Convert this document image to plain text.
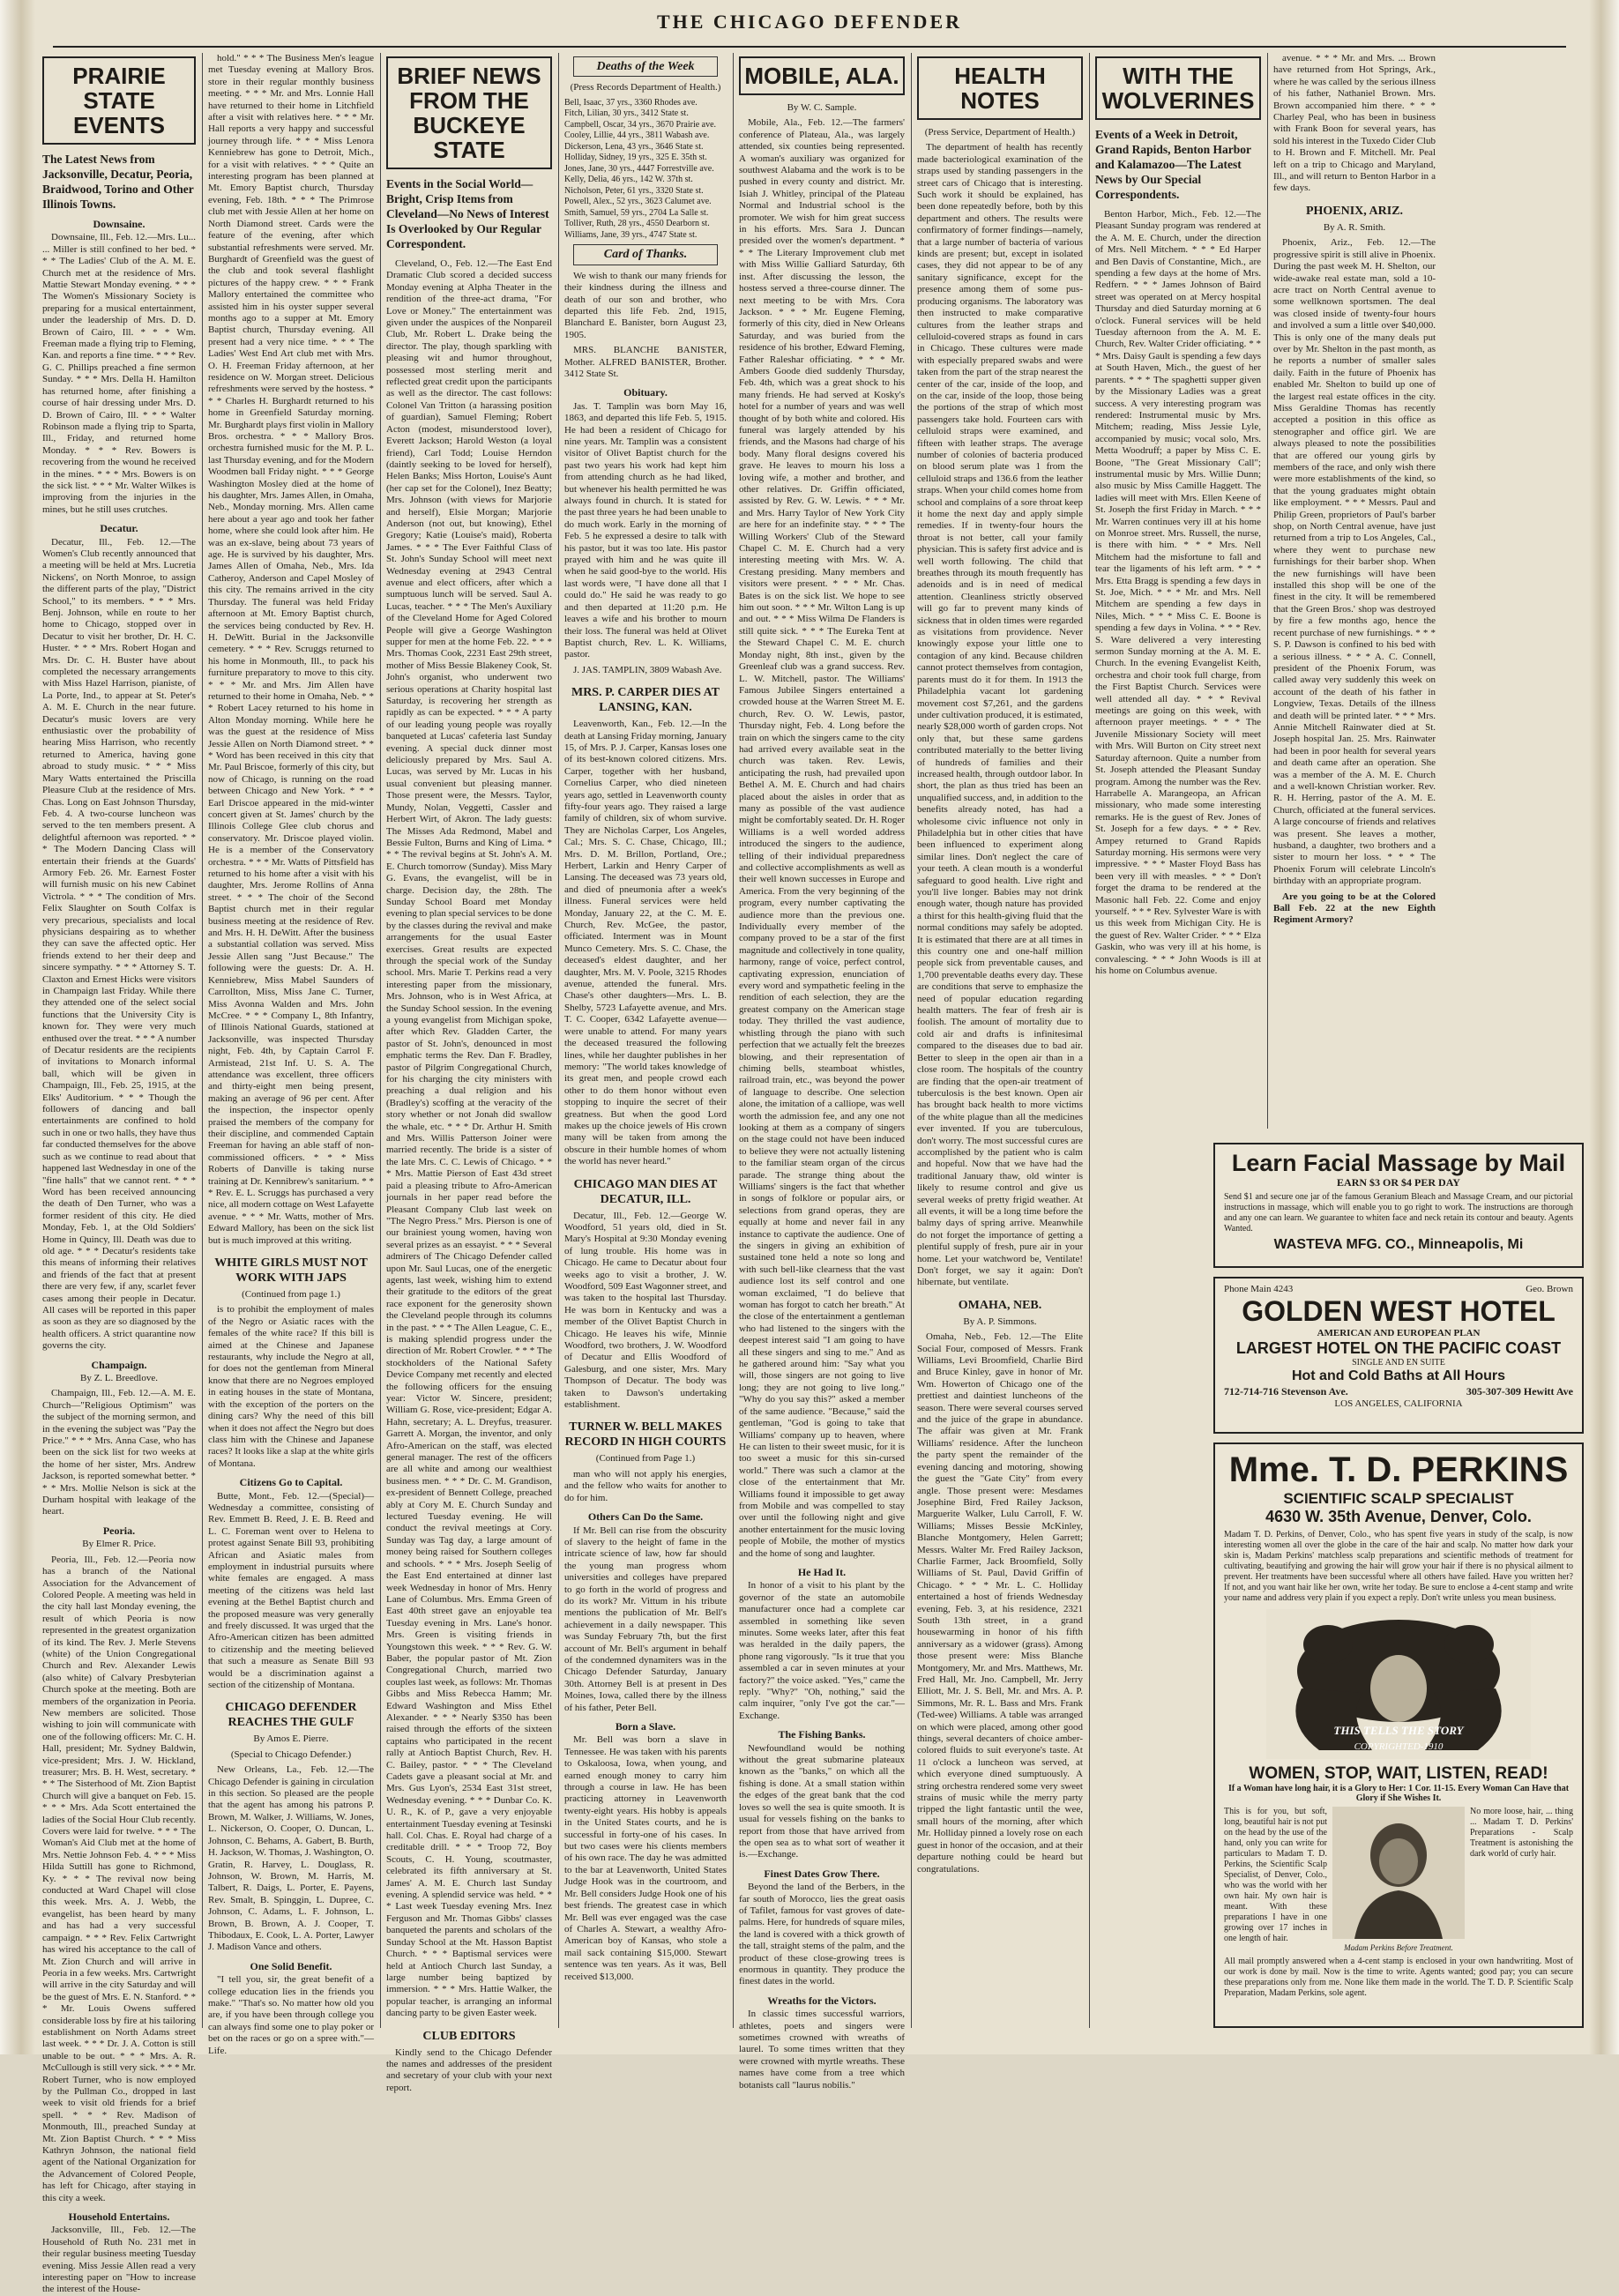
THE CHICAGO DEFENDER
PRAIRIE STATE EVENTS
The Latest News from Jacksonville, Decatur, Peoria, Braidwood, Torino and Other Illinois Towns.
Downsaine.
Downsaine, Ill., Feb. 12.—Mrs. Lu... ... Miller is still confined to her bed. * * * The Ladies' Club of the A. M. E. Church met at the residence of Mrs. Mattie Stewart Monday evening. * * * The Women's Missionary Society is preparing for a musical entertainment, under the leadership of Mrs. D. D. Brown of Cairo, Ill. * * * Wm. Freeman made a flying trip to Fleming, Kan. and reports a fine time. * * * Rev. G. C. Phillips preached a fine sermon Sunday. * * * Mrs. Della H. Hamilton has returned home, after finishing a course of hair dressing under Mrs. D. D. Brown of Cairo, Ill. * * * Walter Robinson made a flying trip to Sparta, Ill., Friday, and returned home Monday. * * * Rev. Bowers is recovering from the wound he received in the mines. * * * Mrs. Bowers is on the sick list. * * * Mr. Walter Wilkes is improving from the injuries in the mines, but he still uses crutches.
Decatur.
Decatur, Ill., Feb. 12.—The Women's Club recently announced that a meeting will be held at Mrs. Lucretia Nickens', on North Monroe, to assign the different parts of the play, "District School," to its members. * * * Mrs. Benj. Johnson, while en route to her home to Chicago, stopped over in Decatur to visit her brother, Dr. H. C. Huster. * * * Mrs. Robert Hogan and Mrs. Dr. C. H. Buster have about completed the necessary arrangements with Miss Hazel Harrison, pianiste, of La Porte, Ind., to appear at St. Peter's A. M. E. Church in the near future. Decatur's music lovers are very enthusiastic over the probability of hearing Miss Harrison, who recently returned to America, having gone abroad to study music. * * * Miss Mary Watts entertained the Priscilla Pleasure Club at the residence of Mrs. Chas. Long on East Johnson Thursday, Feb. 4. A two-course luncheon was served to the ten members present. A delightful afternoon was reported. * * * The Modern Dancing Class will entertain their friends at the Guards' Armory Feb. 26. Mr. Earnest Foster will furnish music on his new Cabinet Victrola. * * * The condition of Mrs. Felix Slaughter on South Colfax is very precarious, specialists and local physicians despairing as to whether they can save the affected optic. Her friends extend to her their deep and sincere sympathy. * * * Attorney S. T. Claxton and Ernest Hicks were visitors in Champaign last Friday. While there they attended one of the select social functions that the University City is known for. They were very much enthused over the treat. * * * A number of Decatur residents are the recipients of invitations to Monarch informal ball, which will be given in Champaign, Ill., Feb. 25, 1915, at the Elks' Auditorium. * * * Though the followers of dancing and ball entertainments are confined to hold such in one or two halls, they have thus far conducted themselves for the above such as we continue to read about that happened last Wednesday in one of the "fine halls" that we cannot rent. * * * Word has been received announcing the death of Den Turner, who was a former resident of this city. He died Monday, Feb. 1, at the Old Soldiers' Home in Quincy, Ill. Death was due to old age. * * * Decatur's residents take this means of informing their relatives and friends of the fact that at present there are very few, if any, scarlet fever cases among their people in Decatur. All cases will be reported in this paper as soon as they are so diagnosed by the health officers. A strict quarantine now governs the city.
Champaign.
By Z. L. Breedlove.
Champaign, Ill., Feb. 12.—A. M. E. Church—"Religious Optimism" was the subject of the morning sermon, and in the evening the subject was "Pay the Price." * * * Mrs. Anna Case, who has been on the sick list for two weeks at the home of her sister, Mrs. Andrew Jackson, is reported somewhat better. * * * Mrs. Mollie Nelson is sick at the Durham hospital with leakage of the heart.
Peoria.
By Elmer R. Price.
Peoria, Ill., Feb. 12.—Peoria now has a branch of the National Association for the Advancement of Colored People. A meeting was held in the city hall last Monday evening, the result of which Peoria is now represented in the greatest organization of its kind. The Rev. J. Merle Stevens (white) of the Union Congregational Church and Rev. Alexander Lewis (also white) of Calvary Presbyterian Church spoke at the meeting. Both are members of the organization in Peoria. New members are solicited. Those wishing to join will communicate with one of the following officers: Mr. C. H. Hall, president; Mr. Sydney Baldwin, vice-president; Mrs. J. W. Hickland, treasurer; Mrs. B. H. West, secretary. * * * The Sisterhood of Mt. Zion Baptist Church will give a banquet on Feb. 15. * * * Mrs. Ada Scott entertained the ladies of the Social Hour Club recently. Covers were laid for twelve. * * * The Woman's Aid Club met at the home of Mrs. Nettie Johnson Feb. 4. * * * Miss Hilda Suttill has gone to Richmond, Ky. * * * The revival now being conducted at Ward Chapel will close this week. Mrs. A. J. Webb, the evangelist, has been heard by many and has had a very successful campaign. * * * Rev. Felix Cartwright has wired his acceptance to the call of Mt. Zion Church and will arrive in Peoria in a few weeks. Mrs. Cartwright will arrive in the city Saturday and will be the guest of Mrs. E. N. Stanford. * * * Mr. Louis Owens suffered considerable loss by fire at his tailoring establishment on North Adams street last week. * * * Dr. J. A. Cotton is still unable to be out. * * * Mrs. A. R. McCullough is still very sick. * * * Mr. Robert Turner, who is now employed by the Pullman Co., dropped in last week to visit old friends for a brief spell. * * * Rev. Madison of Monmouth, Ill., preached Sunday at Mt. Zion Baptist Church. * * * Miss Kathryn Johnson, the national field agent of the National Organization for the Advancement of Colored People, has left for Chicago, after staying in this city a week.
Household Entertains.
Jacksonville, Ill., Feb. 12.—The Household of Ruth No. 231 met in their regular business meeting Tuesday evening. Miss Jessie Allen read a very interesting paper on "How to increase the interest of the House-
hold." * * * The Business Men's league met Tuesday evening at Mallory Bros. store in their regular monthly business meeting. * * * Mr. and Mrs. Lonnie Hall have returned to their home in Litchfield after a visit with relatives here. * * * Mr. Hall reports a very happy and successful journey through life. * * * Miss Lenora Kenniebrew has gone to Detroit, Mich., for a visit with relatives. * * * Quite an interesting program has been planned at Mt. Emory Baptist church, Thursday evening, Feb. 18th. * * * The Primrose club met with Jessie Allen at her home on North Diamond street. Cards were the feature of the evening, after which substantial refreshments were served. Mr. Burghardt of Greenfield was the guest of the club and took several flashlight pictures of the happy crew. * * * Frank Mallory entertained the committee who assisted him in his oyster supper several months ago to a supper at Mt. Emory Baptist church, Thursday evening. All present had a very nice time. * * * The Ladies' West End Art club met with Mrs. O. H. Freeman Friday afternoon, at her residence on W. Morgan street. Delicious refreshments were served by the hostess. * * * Charles H. Burghardt returned to his home in Greenfield Saturday morning. Mr. Burghardt plays first violin in Mallory Bros. orchestra. * * * Mallory Bros. orchestra furnished music for the M. P. L. last Thursday evening, and for the Modern Woodmen ball Friday night. * * * George Washington Mosley died at the home of his daughter, Mrs. James Allen, in Omaha, Neb., Monday morning. Mrs. Allen came here about a year ago and took her father home, where she could look after him. He was an ex-slave, being about 73 years of age. He is survived by his daughter, Mrs. James Allen of Omaha, Neb., Mrs. Ida Catheroy, Anderson and Capel Mosley of this city. The remains arrived in the city Thursday. The funeral was held Friday afternoon at Mt. Emory Baptist church, the services being conducted by Rev. H. H. DeWitt. Burial in the Jacksonville cemetery. * * * Rev. Scruggs returned to his home in Monmouth, Ill., to pack his furniture preparatory to move to this city. * * * Mr. and Mrs. Jim Allen have returned to their home in Omaha, Neb. * * * Robert Lacey returned to his home in Alton Monday morning. While here he was the guest at the residence of Miss Jessie Allen on North Diamond street. * * * Word has been received in this city that Mr. Paul Briscoe, formerly of this city, but now of Chicago, is running on the road between Chicago and New York. * * * Earl Driscoe appeared in the mid-winter concert given at St. James' church by the Illinois College Glee club chorus and conservatory. Mr. Driscoe played violin. He is a member of the Conservatory orchestra. * * * Mr. Watts of Pittsfield has returned to his home after a visit with his daughter, Mrs. Jerome Rollins of Anna street. * * * The choir of the Second Baptist church met in their regular business meeting at the residence of Rev. and Mrs. H. H. DeWitt. After the business a substantial collation was served. Miss Jessie Allen sang "Just Because." The following were the guests: Dr. A. H. Kenniebrew, Miss Mabel Saunders of Carrollton, Miss, Miss Jane C. Turner, Miss Avonna Walden and Mrs. John McCree. * * * Company L, 8th Infantry, of Illinois National Guards, stationed at Jacksonville, was inspected Thursday night, Feb. 4th, by Captain Carrol F. Armistead, 21st Inf. U. S. A. The attendance was excellent, three officers and thirty-eight men being present, making an average of 96 per cent. After the inspection, the inspector openly praised the members of the company for their discipline, and commended Captain Freeman for having an able staff of non-commissioned officers. * * * Miss Roberts of Danville is taking nurse training at Dr. Kennibrew's sanitarium. * * * Rev. E. L. Scruggs has purchased a very nice, all modern cottage on West Lafayette avenue. * * * Mr. Watts, mother of Mrs. Edward Mallory, has been on the sick list but is much improved at this writing.
WHITE GIRLS MUST NOT WORK WITH JAPS
(Continued from page 1.)
is to prohibit the employment of males of the Negro or Asiatic races with the females of the white race? If this bill is aimed at the Chinese and Japanese restaurants, why include the Negro at all, for does not the gentleman from Mineral know that there are no Negroes employed in eating houses in the state of Montana, with the exception of the porters on the dining cars? Why the need of this bill when it does not affect the Negro but does class him with the Chinese and Japanese races? It looks like a slap at the white girls of Montana.
Citizens Go to Capital.
Butte, Mont., Feb. 12.—(Special)—Wednesday a committee, consisting of Rev. Emmett B. Reed, J. E. B. Reed and L. C. Foreman went over to Helena to protest against Senate Bill 93, prohibiting African and Asiatic males from employment in industrial pursuits where white females are engaged. A mass meeting of the citizens was held last evening at the Bethel Baptist church and the proposed measure was very generally and freely discussed. It was urged that the Afro-American citizen has been admitted to citizenship and the meeting believed that such a measure as Senate Bill 93 would be a discrimination against a section of the citizenship of Montana.
CHICAGO DEFENDER REACHES THE GULF
By Amos E. Pierre.
(Special to Chicago Defender.)
New Orleans, La., Feb. 12.—The Chicago Defender is gaining in circulation in this section. So pleased are the people that the agent has among his patrons P. Brown, M. Walker, J. Williams, W. Jones, L. Nickerson, O. Cooper, O. Duncan, L. Johnson, C. Behams, A. Gabert, B. Burth, H. Jackson, W. Thomas, J. Washington, O. Gratin, R. Harvey, L. Douglass, R. Johnson, W. Brown, M. Harris, M. Talbert, R. Daigs, L. Porter, E. Payens, Rev. Smalt, B. Spinggin, L. Dupree, C. Johnson, C. Adams, L. F. Johnson, L. Brown, B. Brown, A. J. Cooper, T. Thibodaux, E. Cook, L. A. Porter, Lawyer J. Madison Vance and others.
One Solid Benefit.
"I tell you, sir, the great benefit of a college education lies in the friends you make." "That's so. No matter how old you are, if you have been through college you can always find some one to play poker or bet on the races or go on a spree with."—Life.
BRIEF NEWS FROM THE BUCKEYE STATE
Events in the Social World—Bright, Crisp Items from Cleveland—No News of Interest Is Overlooked by Our Regular Correspondent.
Cleveland, O., Feb. 12.—The East End Dramatic Club scored a decided success Monday evening at Alpha Theater in the rendition of the three-act drama, "For Love or Money." The entertainment was given under the auspices of the Nonpareil Club, Mr. Robert L. Drake being the director. The play, though sparkling with pleasing wit and humor throughout, possessed most sterling merit and reflected great credit upon the participants as well as the director. The cast follows: Colonel Van Tritton (a harassing position of guardian), Samuel Fleming; Robert Acton (modest, misunderstood lover), Everett Jackson; Harold Weston (a loyal friend), Carl Todd; Louise Herndon (daintly seeking to be loved for herself), Helen Banks; Miss Horton, Louise's Aunt (her cap set for the Colonel), Inez Beatty; Mrs. Johnson (with views for Marjorie and herself), Elsie Morgan; Marjorie Anderson (not out, but knowing), Ethel Gregory; Katie (Louise's maid), Roberta James. * * * The Ever Faithful Class of St. John's Sunday School will meet next Wednesday evening at 2943 Central avenue and elect officers, after which a sumptuous lunch will be served. Saul A. Lucas, teacher. * * * The Men's Auxiliary of the Cleveland Home for Aged Colored People will give a George Washington supper for men at the home Feb. 22. * * * Mrs. Thomas Cook, 2231 East 29th street, mother of Miss Bessie Blakeney Cook, St. John's organist, who underwent two serious operations at Charity hospital last Saturday, is recovering her strength as rapidly as can be expected. * * * A party of our leading young people was royally banqueted at Lucas' cafeteria last Sunday evening. A special duck dinner most deliciously prepared by Mrs. Saul A. Lucas, was served by Mr. Lucas in his usual convenient but pleasing manner. Those present were, the Messrs. Taylor, Mundy, Nolan, Veggetti, Cassler and Herbert Wirt, of Akron. The lady guests: The Misses Ada Redmond, Mabel and Bessie Fulton, Burns and King of Lima. * * * The revival begins at St. John's A. M. E. Church tomorrow (Sunday). Miss Mary G. Evans, the evangelist, will be in charge. Decision day, the 28th. The Sunday School Board met Monday evening to plan special services to be done by the classes during the revival and make arrangements for the usual Easter exercises. Great results are expected through the special work of the Sunday school. Mrs. Marie T. Perkins read a very interesting paper from the missionary, Mrs. Johnson, who is in West Africa, at the Sunday School session. In the evening a young evangelist from Michigan spoke, after which Rev. Gladden Carter, the pastor of St. John's, denounced in most emphatic terms the Rev. Dan F. Bradley, pastor of Pilgrim Congregational Church, for his charging the city ministers with preaching a dual religion and his (Bradley's) scoffing at the veracity of the story whether or not Jonah did swallow the whale, etc. * * * Dr. Arthur H. Smith and Mrs. Willis Patterson Joiner were married recently. The bride is a sister of the late Mrs. C. C. Lewis of Chicago. * * * Mrs. Mattie Pierson of East 43d street paid a pleasing tribute to Afro-American journals in her paper read before the Pleasant Company Club last week on "The Negro Press." Mrs. Pierson is one of our brainiest young women, having won several prizes as an essayist. * * * Several admirers of The Chicago Defender called upon Mr. Saul Lucas, one of the energetic agents, last week, wishing him to extend their gratitude to the editors of the great race exponent for the generosity shown the Cleveland people through its columns in the past. * * * The Allen League, C. E., is making splendid progress under the direction of Mr. Robert Crowler. * * * The stockholders of the National Safety Device Company met recently and elected the following officers for the ensuing year: Victor W. Sincere, president; William G. Rose, vice-president; Edgar A. Hahn, secretary; A. L. Dreyfus, treasurer. Garrett A. Morgan, the inventor, and only Afro-American on the staff, was elected general manager. The rest of the officers are all white and among our wealthiest business men. * * * Dr. C. M. Grandison, ex-president of Bennett College, preached ably at Cory M. E. Church Sunday and lectured Tuesday evening. He will conduct the revival meetings at Cory. Sunday was Tag day, a large amount of money being raised for Southern colleges and schools. * * * Mrs. Joseph Seelig of the East End entertained at dinner last week Wednesday in honor of Mrs. Henry Lane of Columbus. Mrs. Emma Green of East 40th street gave an enjoyable tea Tuesday evening in Mrs. Lane's honor. Mrs. Green is visiting friends in Youngstown this week. * * * Rev. G. W. Baber, the popular pastor of Mt. Zion Congregational Church, married two couples last week, as follows: Mr. Thomas Gibbs and Miss Rebecca Hamm; Mr. Edward Washington and Miss Ethel Alexander. * * * Nearly $350 has been raised through the efforts of the sixteen captains who participated in the recent rally at Antioch Baptist Church, Rev. H. C. Bailey, pastor. * * * The Cleveland Cadets gave a pleasant social at Mr. and Mrs. Gus Lyon's, 2534 East 31st street, Wednesday evening. * * * Dunbar Co. K. U. R., K. of P., gave a very enjoyable entertainment Tuesday evening at Tesinski hall. Col. Chas. E. Royal had charge of a creditable drill. * * * Troop 72, Boy Scouts, C. H. Young, scoutmaster, celebrated its fifth anniversary at St. James' A. M. E. Church last Sunday evening. A splendid service was held. * * * Last week Tuesday evening Mrs. Inez Ferguson and Mr. Thomas Gibbs' classes banqueted the parents and scholars of the Sunday School at the Mt. Hasson Baptist Church. * * * Baptismal services were held at Antioch Church last Sunday, a large number being baptized by immersion. * * * Mrs. Hattie Walker, the popular teacher, is arranging an informal dancing party to be given Easter week.
CLUB EDITORS
Kindly send to the Chicago Defender the names and addresses of the president and secretary of your club with your next report.
Deaths of the Week
(Press Records Department of Health.)
Bell, Isaac, 37 yrs., 3360 Rhodes ave.
Fitch, Lilian, 30 yrs., 3412 State st.
Campbell, Oscar, 34 yrs., 3670 Prairie ave.
Cooley, Lillie, 44 yrs., 3811 Wabash ave.
Dickerson, Lena, 43 yrs., 3646 State st.
Holliday, Sidney, 19 yrs., 325 E. 35th st.
Jones, Jane, 30 yrs., 4447 Forrestville ave.
Kelly, Delia, 46 yrs., 142 W. 37th st.
Nicholson, Peter, 61 yrs., 3320 State st.
Powell, Alex., 52 yrs., 3623 Calumet ave.
Smith, Samuel, 59 yrs., 2704 La Salle st.
Tolliver, Ruth, 28 yrs., 4550 Dearborn st.
Williams, Jane, 39 yrs., 4747 State st.
Card of Thanks.
We wish to thank our many friends for their kindness during the illness and death of our son and brother, who departed this life Feb. 2nd, 1915, Blanchard E. Banister, born August 23, 1905.
MRS. BLANCHE BANISTER, Mother. ALFRED BANISTER, Brother. 3412 State St.
Obituary.
Jas. T. Tamplin was born May 16, 1863, and departed this life Feb. 5, 1915. He had been a resident of Chicago for nine years. Mr. Tamplin was a consistent visitor of Olivet Baptist church for the past two years his work had kept him from attending church as he had liked, but whenever his health permitted he was always found in church. It is stated for the past three years he had been unable to do much work. Early in the morning of Feb. 5 he expressed a desire to talk with his pastor, but it was too late. His pastor prayed with him and he was quite ill when he said good-bye to the world. His last words were, "I have done all that I could do." He said he was ready to go and then departed at 11:20 p.m. He leaves a wife and his brother to mourn their loss. The funeral was held at Olivet Baptist church, Rev. L. K. Williams, pastor.
J. JAS. TAMPLIN, 3809 Wabash Ave.
MRS. P. CARPER DIES AT LANSING, KAN.
Leavenworth, Kan., Feb. 12.—In the death at Lansing Friday morning, January 15, of Mrs. P. J. Carper, Kansas loses one of its best-known colored citizens. Mrs. Carper, together with her husband, Cornelius Carper, who died nineteen years ago, settled in Leavenworth county fifty-four years ago. They raised a large family of children, six of whom survive. They are Nicholas Carper, Los Angeles, Cal.; Mrs. S. C. Chase, Chicago, Ill.; Mrs. D. M. Brillon, Portland, Ore.; Herbert, Larkin and Henry Carper of Lansing. The deceased was 73 years old, and died of pneumonia after a week's illness. Funeral services were held Monday, January 22, at the C. M. E. Church, Rev. McGee, the pastor, officiated. Interment was in Mount Munco Cemetery. Mrs. S. C. Chase, the deceased's eldest daughter, and her daughter, Mrs. M. V. Poole, 3215 Rhodes avenue, attended the funeral. Mrs. Chase's other daughters—Mrs. L. B. Shelby, 5723 Lafayette avenue, and Mrs. T. C. Cooper, 6342 Lafayette avenue—were unable to attend. For many years the deceased treasured the following lines, while her daughter publishes in her memory: "The world takes knowledge of its great men, and people crowd each other to do them honor without even stopping to inquire the secret of their greatness. But when the good Lord makes up the choice jewels of His crown many will be taken from among the obscure in their humble homes of whom the world has never heard."
CHICAGO MAN DIES AT DECATUR, ILL.
Decatur, Ill., Feb. 12.—George W. Woodford, 51 years old, died in St. Mary's Hospital at 9:30 Monday evening of lung trouble. His home was in Chicago. He came to Decatur about four weeks ago to visit a brother, J. W. Woodford, 509 East Wagonner street, and was taken to the hospital last Thursday. He was born in Kentucky and was a member of the Olivet Baptist Church in Chicago. He leaves his wife, Minnie Woodford, two brothers, J. W. Woodford of Decatur and Ellis Woodford of Galesburg, and one sister, Mrs. Mary Thompson of Decatur. The body was taken to Dawson's undertaking establishment.
TURNER W. BELL MAKES RECORD IN HIGH COURTS
(Continued from Page 1.)
man who will not apply his energies, and the fellow who waits for another to do for him.
Others Can Do the Same.
If Mr. Bell can rise from the obscurity of slavery to the height of fame in the intricate science of law, how far should the young man progress whom universities and colleges have prepared to go forth in the world of progress and do its work? Mr. Vittum in his tribute mentions the publication of Mr. Bell's achievement in a daily newspaper. This was Sunday February 7th, but the first account of Mr. Bell's argument in behalf of the condemned dynamiters was in the Chicago Defender Saturday, January 30th. Attorney Bell is at present in Des Moines, Iowa, called there by the illness of his father, Peter Bell.
Born a Slave.
Mr. Bell was born a slave in Tennessee. He was taken with his parents to Oskaloosa, Iowa, when young, and earned enough money to carry him through a course in law. He has been practicing attorney in Leavenworth twenty-eight years. His hobby is appeals in the United States courts, and he is successful in forty-one of his cases. In but two cases were his clients members of his own race. The day he was admitted to the bar at Leavenworth, United States Judge Hook was in the courtroom, and Mr. Bell considers Judge Hook one of his best friends. The greatest case in which Mr. Bell was ever engaged was the case of Charles A. Stewart, a wealthy Afro-American boy of Kansas, who stole a mail sack containing $15,000. Stewart sentence was ten years. As it was, Bell received $13,000.
MOBILE, ALA.
By W. C. Sample.
Mobile, Ala., Feb. 12.—The farmers' conference of Plateau, Ala., was largely attended, six counties being represented. A woman's auxiliary was organized for southwest Alabama and the work is to be pushed in every county and district. Mr. Isiah J. Whitley, principal of the Plateau Normal and Industrial school is the promoter. We wish for him great success in his efforts. Mrs. Sara J. Duncan presided over the women's department. * * * The Literary Improvement club met with Miss Willie Galliard Saturday, 6th inst. After discussing the lesson, the hostess served a three-course dinner. The next meeting to be with Mrs. Cora Jackson. * * * Mr. Eugene Fleming, formerly of this city, died in New Orleans Saturday, and was buried from the residence of his brother, Edward Fleming, Father Raleshar officiating. * * * Mr. Ambers Goode died suddenly Thursday, Feb. 4th, which was a great shock to his many friends. He had served at Kosky's hotel for a number of years and was well thought of by both white and colored. His funeral was largely attended by his friends, and the Masons had charge of his body. Many floral designs covered his grave. He leaves to mourn his loss a loving wife, a mother and brother, and other relatives. Dr. Griffin officiated, assisted by Rev. G. W. Lewis. * * * Mr. and Mrs. Harry Taylor of New York City are here for an indefinite stay. * * * The Willing Workers' Club of the Steward Chapel C. M. E. Church had a very interesting meeting with Mrs. W. A. Crestang presiding. Many members and visitors were present. * * * Mr. Chas. Bates is on the sick list. We hope to see him out soon. * * * Mr. Wilton Lang is up and out. * * * Miss Wilma De Flanders is still quite sick. * * * The Eureka Tent at the Steward Chapel C. M. E. church Monday night, 8th inst., given by the Greenleaf club was a grand success. Rev. L. W. Mitchell, pastor. The Williams' Famous Jubilee Singers entertained a crowded house at the Warren Street M. E. church, Rev. O. W. Lewis, pastor, Thursday night, Feb. 4. Long before the train on which the singers came to the city had arrived every available seat in the church was taken. Rev. Lewis, anticipating the rush, had prevailed upon Bethel A. M. E. Church and had chairs placed about the aisles in order that as many as possible of the vast audience might be comfortably seated. Dr. H. Roger Williams is a well worded address introduced the singers to the audience, telling of their individual preparedness and collective accomplishments as well as their well known successes in Europe and America. From the very beginning of the program, every number captivating the audience more than the previous one. Individually every member of the company proved to be a star of the first magnitude and collectively in tone quality, harmony, range of voice, perfect control, captivating expression, enunciation of every word and sympathetic feeling in the rendition of each selection, they are the greatest company on the American stage today. They thrilled the vast audience, whistling through the piano with such perfection that we actually felt the breezes blowing, and their representation of chiming bells, steamboat whistles, railroad train, etc., was beyond the power of language to describe. One selection alone, the imitation of a calliope, was well worth the admission fee, and any one not looking at them as a company of singers on the stage could not have been induced to believe they were not actually listening to the familiar steam organ of the circus parade. The strange thing about the Williams' singers is the fact that whether in songs of folklore or popular airs, or selections from grand operas, they are equally at home and never fail in any instance to captivate the audience. One of the singers in giving an exhibition of sustained tone held a note so long and with such bell-like clearness that the vast audience lost its self control and one woman exclaimed, "I do believe that woman has forgot to catch her breath." At the close of the entertainment a gentleman who had listened to the singers with the deepest interest said "I am going to have all these singers and sing to me." And as he gathered around him: "Say what you will, those singers are not going to live long; they are not going to live long." "Why do you say this?" asked a member of the same audience. "Because," said the gentleman, "God is going to take that Williams' company up to heaven, where He can listen to their sweet music, for it is too sweet a music for this sin-cursed world." There was such a clamor at the close of the entertainment that Mr. Williams found it impossible to get away from Mobile and was compelled to stay over until the following night and give another entertainment for the music loving people of Mobile, the mother of mystics and the home of song and laughter.
He Had It.
In honor of a visit to his plant by the governor of the state an automobile manufacturer once had a complete car assembled in something like seven minutes. Some weeks later, after this feat was heralded in the daily papers, the phone rang vigorously. "Is it true that you assembled a car in seven minutes at your factory?" the voice asked. "Yes," came the reply. "Why?" "Oh, nothing," said the calm inquirer, "only I've got the car."—Exchange.
The Fishing Banks.
Newfoundland would be nothing without the great submarine plateaux known as the "banks," on which all the fishing is done. At a small station within the edges of the great bank that the cod loves so well the sea is quite smooth. It is usual for vessels fishing on the banks to report from those that have arrived from the open sea as to what sort of weather it is.—Exchange.
Finest Dates Grow There.
Beyond the land of the Berbers, in the far south of Morocco, lies the great oasis of Tafilet, famous for vast groves of date-palms. Here, for hundreds of square miles, the land is covered with a thick growth of the tall, straight stems of the palm, and the product of these close-growing trees is enormous in quantity. They produce the finest dates in the world.
Wreaths for the Victors.
In classic times successful warriors, athletes, poets and singers were sometimes crowned with wreaths of laurel. To some times written that they were crowned with myrtle wreaths. These names have come from a tree which botanists call "laurus nobilis."
HEALTH NOTES
(Press Service, Department of Health.)
The department of health has recently made bacteriological examination of the straps used by standing passengers in the street cars of Chicago that is interesting. Such work it should be explained, has been done repeatedly before, both by this department and others. The results were confirmatory of former findings—namely, that a large number of bacteria of various kinds are present; but, except in isolated cases, they did not appear to be of any sanitary significance, except for the presence among them of some pus-producing organisms. The laboratory was then instructed to make comparative cultures from the leather straps and celluloid-covered straps as found in cars in Chicago. These cultures were made with especially prepared swabs and were taken from the part of the strap nearest the center of the car, inside of the loop, and on the car, inside of the loop, those being the portions of the strap of which most passengers take hold. Fourteen cars with celluloid straps were examined, and fifteen with leather straps. The average number of colonies of bacteria produced on blood serum plate was 1 from the celluloid straps and 136.6 from the leather straps. When your child comes home from school and complains of a sore throat keep it home the next day and apply simple remedies. If in twenty-four hours the throat is not better, call your family physician. This is safety first advice and is well worth following. The child that breathes through its mouth frequently has adenoids and is in need of medical attention. Cleanliness strictly observed will go far to prevent many kinds of sickness that in olden times were regarded as visitations from providence. Never knowingly expose your little one to contagion of any kind. Because children cannot protect themselves from contagion, parents must do it for them. In 1913 the Philadelphia vacant lot gardening movement cost $7,261, and the gardens under cultivation produced, it is estimated, nearly $28,000 worth of garden crops. Not only that, but these same gardens contributed materially to the better living of hundreds of families and their increased health, through outdoor labor. In short, the plan as thus tried has been an unqualified success, and, in addition to the benefits already noted, has had a wholesome civic influence not only in Philadelphia but in other cities that have been influenced to experiment along similar lines. Don't neglect the care of your teeth. A clean mouth is a wonderful safeguard to good health. Live right and you'll live longer. Babies may not drink enough water, though nature has provided a thirst for this health-giving fluid that the normal conditions may safely be adopted. It is estimated that there are at all times in this country one and one-half million people sick from preventable causes, and 1,700 preventable deaths every day. These are conditions that serve to emphasize the need of popular education regarding health matters. The fear of fresh air is foolish. The amount of mortality due to cold air and drafts is infinitesimal compared to the diseases due to bad air. Better to sleep in the open air than in a close room. The hospitals of the country are finding that the open-air treatment of tuberculosis is the best known. Open air has brought back health to more victims of the white plague than all the medicines ever invented. If you are tuberculous, don't worry. The most successful cures are accomplished by the patient who is calm and hopeful. Now that we have had the traditional January thaw, old winter is likely to resume control and give us several weeks of pretty frigid weather. At all events, it will be a long time before the balmy days of spring arrive. Meanwhile do not forget the importance of getting a plentiful supply of fresh, pure air in your home. Let your watchword be, Ventilate! Don't forget, we say it again: Don't hibernate, but ventilate.
OMAHA, NEB.
By A. P. Simmons.
Omaha, Neb., Feb. 12.—The Elite Social Four, composed of Messrs. Frank Williams, Levi Broomfield, Charlie Bird and Bruce Kinley, gave in honor of Mr. Wm. Howerton of Chicago one of the prettiest and daintiest luncheons of the season. There were several courses served and the juice of the grape in abundance. The affair was given at Mr. Frank Williams' residence. After the luncheon the party spent the remainder of the evening dancing and motoring, showing the guest the "Gate City" from every angle. Those present were: Mesdames Josephine Bird, Fred Railey Jackson, Marguerite Walker, Lulu Carroll, F. W. Williams; Misses Bessie McKinley, Blanche Montgomery, Helen Garrett; Messrs. Walter Mr. Fred Railey Jackson, Charlie Farmer, Jack Broomfield, Solly Williams of St. Paul, David Griffin of Chicago. * * * Mr. L. C. Holliday entertained a host of friends Wednesday evening, Feb. 3, at his residence, 2321 South 13th street, in a grand housewarming in honor of his fifth anniversary as a widower (grass). Among those present were: Miss Blanche Montgomery, Mr. and Mrs. Matthews, Mr. Fred Hall, Mr. Jno. Campbell, Mr. Jerry Elliott, Mr. J. S. Bell, Mr. and Mrs. A. P. Simmons, Mr. R. L. Bass and Mrs. Frank (Ted-wee) Williams. A table was arranged on which were placed, among other good things, several decanters of choice amber-colored fluids to suit everyone's taste. At 11 o'clock a luncheon was served, at which everyone dined sumptuously. A string orchestra rendered some very sweet strains of music while the merry party tripped the light fantastic until the wee, small hours of the morning, after which Mr. Holliday pinned a lovely rose on each guest in honor of the occasion, and at their departure nothing could be heard but congratulations.
WITH THE WOLVERINES
Events of a Week in Detroit, Grand Rapids, Benton Harbor and Kalamazoo—The Latest News by Our Special Correspondents.
Benton Harbor, Mich., Feb. 12.—The Pleasant Sunday program was rendered at the A. M. E. Church, under the direction of Mrs. Nell Mitchem. * * * Ed Harper and Ben Davis of Constantine, Mich., are spending a few days at the home of Mrs. Redfern. * * * James Johnson of Baird street was operated on at Mercy hospital Thursday and died Saturday morning at 6 o'clock. Funeral services will be held Tuesday afternoon from the A. M. E. Church, Rev. Walter Crider officiating. * * * Mrs. Daisy Gault is spending a few days at South Haven, Mich., the guest of her parents. * * * The spaghetti supper given by the Missionary Ladies was a great success. A very interesting program was rendered: Instrumental music by Mrs. Mitchem; reading, Miss Jessie Lyle, accompanied by music; vocal solo, Mrs. Metta Woodruff; a paper by Miss C. E. Boone, "The Great Missionary Call"; instrumental music by Mrs. Willie Dunn; also music by Miss Camille Haggett. The ladies will meet with Mrs. Ellen Keene of St. Joseph the first Friday in March. * * * Mr. Warren continues very ill at his home on Monroe street. Mrs. Russell, the nurse, is there with him. * * * Mrs. Nell Mitchem had the misfortune to fall and tear the ligaments of his left arm. * * * Mrs. Etta Bragg is spending a few days in St. Joe, Mich. * * * Mr. and Mrs. Nell Mitchem are spending a few days in Niles, Mich. * * * Miss C. E. Boone is spending a few days in Volina. * * * Rev. S. Ware delivered a very interesting sermon Sunday morning at the A. M. E. Church. In the evening Evangelist Keith, orchestra and choir took full charge, from the First Baptist Church. Services were well attended all day. * * * Revival meetings are going on this week, with afternoon prayer meetings. * * * The Juvenile Missionary Society will meet with Mrs. Will Burton on City street next Saturday afternoon. Quite a number from St. Joseph attended the Pleasant Sunday program. Among the number was the Rev. Harrabelle A. Marangeopa, an African missionary, who made some interesting remarks. He is the guest of Rev. Jones of St. Joseph for a few days. * * * Rev. Ampey returned to Grand Rapids Saturday morning. His sermons were very impressive. * * * Master Floyd Bass has been very ill with measles. * * * Don't forget the drama to be rendered at the Masonic hall Feb. 22. Come and enjoy yourself. * * * Rev. Sylvester Ware is with us this week from Michigan City. He is the guest of Rev. Walter Crider. * * * Elza Gaskin, who was very ill at his home, is convalescing. * * * John Woods is ill at his home on Columbus avenue.
avenue. * * * Mr. and Mrs. ... Brown have returned from Hot Springs, Ark., where he was called by the serious illness of his father, Nathaniel Brown. Mrs. Brown accompanied him there. * * * Charley Peal, who has been in business with Frank Boon for several years, has sold his interest in the Tuxedo Cider Club to H. Brown and F. Mitchell. Mr. Peal left on a trip to Chicago and Maryland, Ill., and will return to Benton Harbor in a few days.
PHOENIX, ARIZ.
By A. R. Smith.
Phoenix, Ariz., Feb. 12.—The progressive spirit is still alive in Phoenix. During the past week M. H. Shelton, our wide-awake real estate man, sold a 10-acre tract on North Central avenue to some wellknown sportsmen. The deal was closed inside of twenty-four hours and involved a sum a little over $40,000. This is only one of the many deals put over by Mr. Shelton in the past month, as he reports a number of smaller sales daily. Faith in the future of Phoenix has enabled Mr. Shelton to build up one of the largest real estate offices in the city. Miss Geraldine Thomas has recently accepted a position in this office as stenographer and office girl. We are always pleased to note the possibilities that are offered our young girls by members of the race, and only wish there were more establishments of the kind, so that the young graduates might obtain like employment. * * * Messrs. Paul and Philip Green, proprietors of Paul's barber shop, on North Central avenue, have just returned from a trip to Los Angeles, Cal., where they went to purchase new furnishings for their barber shop. When the new furnishings will have been installed this shop will be one of the finest in the city. It will be remembered that the Green Bros.' shop was destroyed by fire a few months ago, hence the recent purchase of new furnishings. * * * S. P. Dawson is confined to his bed with a serious illness. * * * A. C. Connell, president of the Phoenix Forum, was called away very suddenly this week on account of the death of his father in Longview, Texas. Details of the illness and death will be printed later. * * * Mrs. Annie Mitchell Rainwater died at St. Joseph hospital Jan. 25. Mrs. Rainwater had been in poor health for several years and death came after an operation. She was a member of the A. M. E. Church and a well-known Christian worker. Rev. R. H. Herring, pastor of the A. M. E. Church, officiated at the funeral services. A large concourse of friends and relatives was present. She leaves a mother, husband, a daughter, two brothers and a sister to mourn her loss. * * * The Phoenix Forum will celebrate Lincoln's birthday with an appropriate program.
Are you going to be at the Colored Ball Feb. 22 at the new Eighth Regiment Armory?
Learn Facial Massage by Mail
EARN $3 OR $4 PER DAY
Send $1 and secure one jar of the famous Geranium Bleach and Massage Cream, and our pictorial instructions in massage, which will enable you to go right to work. The instructions are thorough and any one can learn. We guarantee to whiten face and neck retain its contour and beauty. Agents Wanted.
WASTEVA MFG. CO., Minneapolis, Mi
Phone Main 4243	Geo. Brown
GOLDEN WEST HOTEL
AMERICAN AND EUROPEAN PLAN
LARGEST HOTEL ON THE PACIFIC COAST
SINGLE AND EN SUITE
Hot and Cold Baths at All Hours
712-714-716 Stevenson Ave.	305-307-309 Hewitt Ave
LOS ANGELES, CALIFORNIA
Mme. T. D. PERKINS
SCIENTIFIC SCALP SPECIALIST
4630 W. 35th Avenue, Denver, Colo.
Madam T. D. Perkins, of Denver, Colo., who has spent five years in study of the scalp, is now interesting women all over the globe in the care of the hair and scalp. No matter how dark your skin is, Madam Perkins' matchless scalp preparations and scientific methods of treatment for cultivating, beautifying and growing the hair will grow your hair if there is no physical ailment to prevent. Her treatments have been successful where all others have failed. Have you written her? If not, and you want hair like her own, write her today. Be sure to enclose a 4-cent stamp and write your name and address very plain if you expect a reply. Don't write unless you mean business.
THIS TELLS THE STORY
COPYRIGHTED-1910
WOMEN, STOP, WAIT, LISTEN, READ!
If a Woman have long hair, it is a Glory to Her: 1 Cor. 11-15. Every Woman Can Have that Glory if She Wishes It.
This is for you, but soft, long, beautiful hair is not put on the head by the use of the hand, only you can write for particulars to Madam T. D. Perkins, the Scientific Scalp Specialist, of Denver, Colo., who was the world with her own hair. My own hair is meant. With these preparations I have in one growing over 17 inches in one length of hair.
Madam Perkins Before Treatment.
No more loose, hair, ... thing ... Madam T. D. Perkins' Preparations - Scalp Treatment is astonishing the dark world of curly hair.
All mail promptly answered when a 4-cent stamp is enclosed in your own handwriting. Most of our work is done by mail. Now is the time to write. Agents wanted; good pay; you can secure these preparations only from me. None like them made in the world. The T. D. P. Scientific Scalp Preparation, Madam Perkins, sole agent.
